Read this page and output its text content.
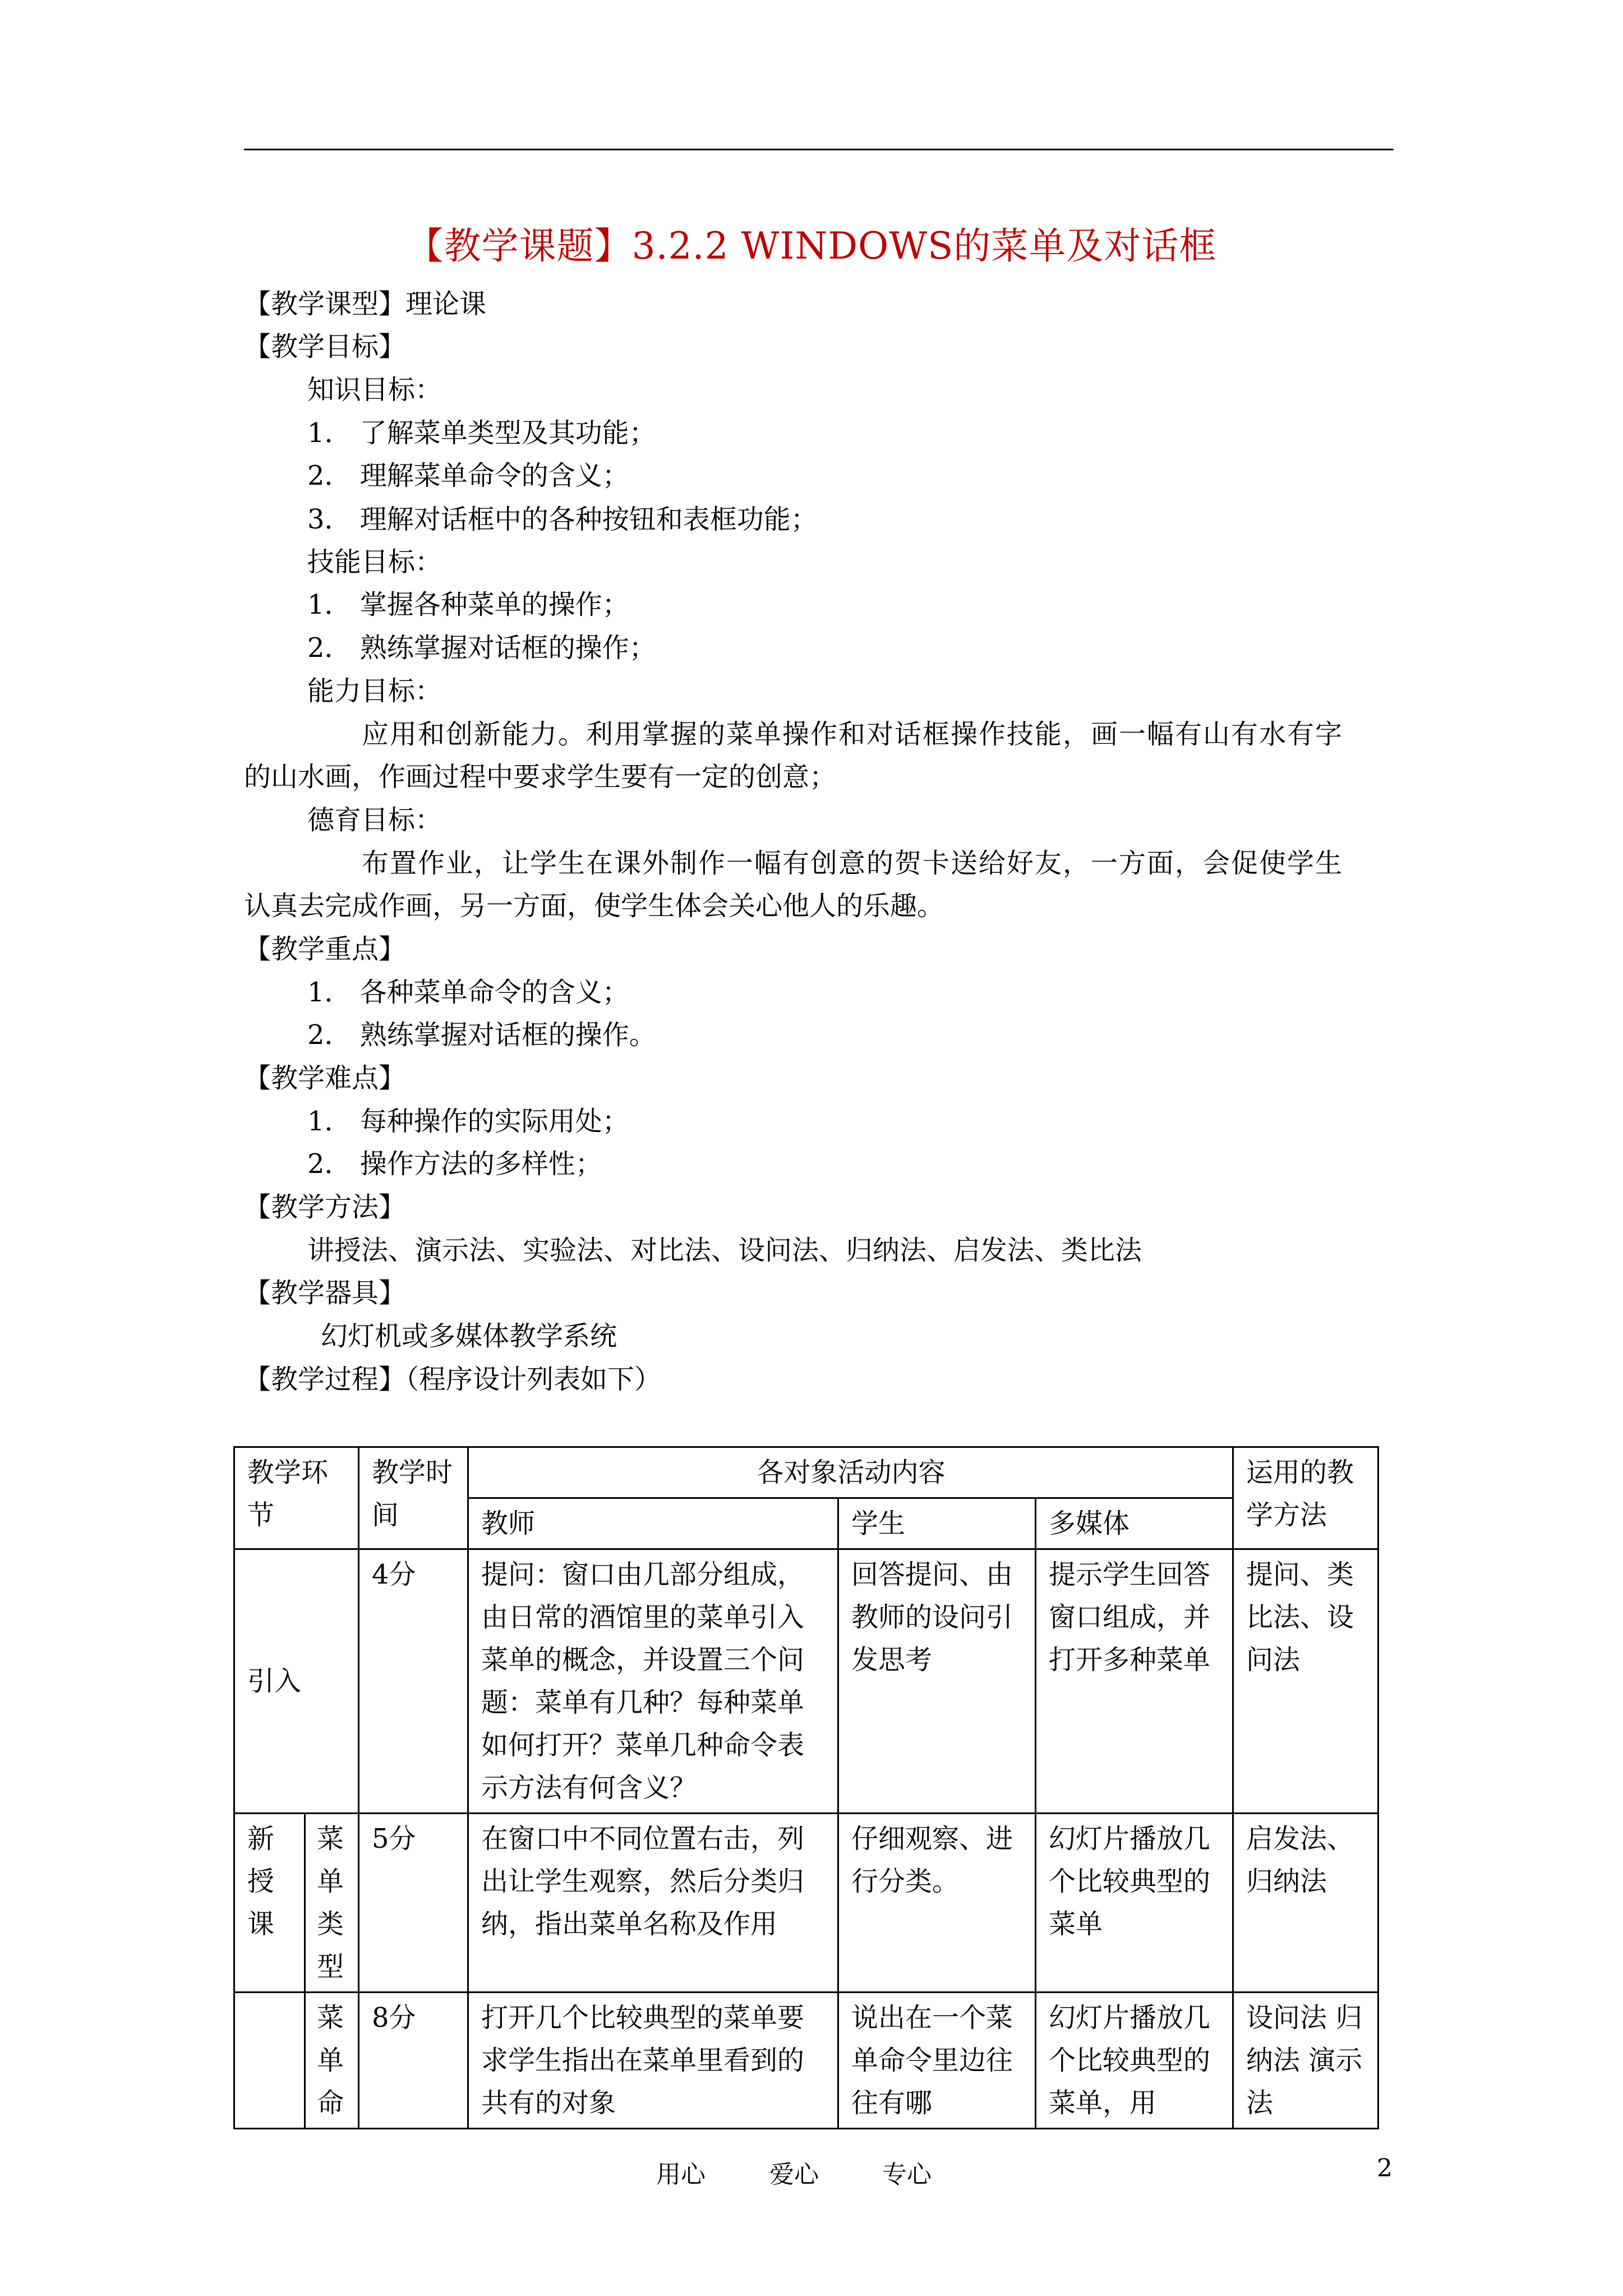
【教学课题】3.2.2 WINDOWS的菜单及对话框
【教学课型】理论课
【教学目标】
知识目标：
1． 了解菜单类型及其功能；
2． 理解菜单命令的含义；
3． 理解对话框中的各种按钮和表框功能；
技能目标：
1． 掌握各种菜单的操作；
2． 熟练掌握对话框的操作；
能力目标：
应用和创新能力。利用掌握的菜单操作和对话框操作技能，画一幅有山有水有字
的山水画，作画过程中要求学生要有一定的创意；
德育目标：
布置作业，让学生在课外制作一幅有创意的贺卡送给好友，一方面，会促使学生
认真去完成作画，另一方面，使学生体会关心他人的乐趣。
【教学重点】
1． 各种菜单命令的含义；
2． 熟练掌握对话框的操作。
【教学难点】
1． 每种操作的实际用处；
2． 操作方法的多样性；
【教学方法】
讲授法、演示法、实验法、对比法、设问法、归纳法、启发法、类比法
【教学器具】
幻灯机或多媒体教学系统
【教学过程】（程序设计列表如下）
教学环节		教学时间	各对象活动内容			运用的教学方法
			教师	学生	多媒体	
引入		4分	提问：窗口由几部分组成，由日常的酒馆里的菜单引入菜单的概念，并设置三个问题：菜单有几种？每种菜单如何打开？菜单几种命令表示方法有何含义？	回答提问、由教师的设问引发思考	提示学生回答窗口组成，并打开多种菜单	提问、类比法、设问法
新授课	菜单类型	5分	在窗口中不同位置右击，列出让学生观察，然后分类归纳，指出菜单名称及作用	仔细观察、进行分类。	幻灯片播放几个比较典型的菜单	启发法、归纳法
	菜单命	8分	打开几个比较典型的菜单要求学生指出在菜单里看到的共有的对象	说出在一个菜单命令里边往往有哪	幻灯片播放几个比较典型的菜单，用	设问法 归纳法 演示法
用心	爱心	专心	2
